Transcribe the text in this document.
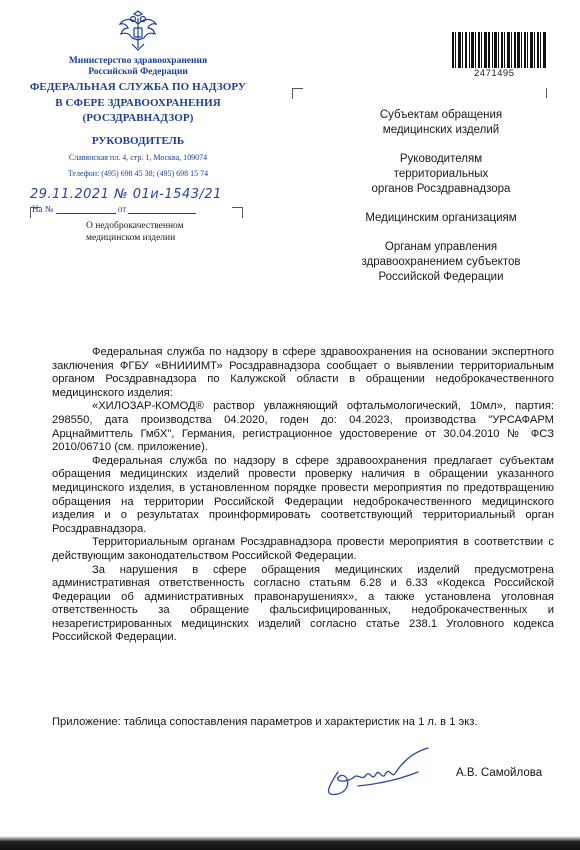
Министерство здравоохранения
Российской Федерации
ФЕДЕРАЛЬНАЯ СЛУЖБА ПО НАДЗОРУ
В СФЕРЕ ЗДРАВООХРАНЕНИЯ
(РОСЗДРАВНАДЗОР)
РУКОВОДИТЕЛЬ
Славянская пл. 4, стр. 1, Москва, 109074
Телефон: (495) 698 45 38; (495) 698 15 74
29.11.2021 № 01и-1543/21
На №	от
О недоброкачественном
медицинском изделии
2471495
Субъектам обращения
медицинских изделий
Руководителям
территориальных
органов Росздравнадзора
Медицинским организациям
Органам управления
здравоохранением субъектов
Российской Федерации

Федеральная служба по надзору в сфере здравоохранения на основании экспертного заключения ФГБУ «ВНИИИМТ» Росздравнадзора сообщает о выявлении территориальным органом Росздравнадзора по Калужской области в обращении недоброкачественного медицинского изделия:

«ХИЛОЗАР-КОМОД® раствор увлажняющий офтальмологический, 10мл», партия: 298550, дата производства 04.2020, годен до: 04.2023, производства "УРСАФАРМ Арцнаймиттель ГмбХ", Германия, регистрационное удостоверение от 30.04.2010 № ФСЗ 2010/06710 (см. приложение).

Федеральная служба по надзору в сфере здравоохранения предлагает субъектам обращения медицинских изделий провести проверку наличия в обращении указанного медицинского изделия, в установленном порядке провести мероприятия по предотвращению обращения на территории Российской Федерации недоброкачественного медицинского изделия и о результатах проинформировать соответствующий территориальный орган Росздравнадзора.

Территориальным органам Росздравнадзора провести мероприятия в соответствии с действующим законодательством Российской Федерации.

За нарушения в сфере обращения медицинских изделий предусмотрена административная ответственность согласно статьям 6.28 и 6.33 «Кодекса Российской Федерации об административных правонарушениях», а также установлена уголовная ответственность за обращение фальсифицированных, недоброкачественных и незарегистрированных медицинских изделий согласно статье 238.1 Уголовного кодекса Российской Федерации.

Приложение: таблица сопоставления параметров и характеристик на 1 л. в 1 экз.
А.В. Самойлова
